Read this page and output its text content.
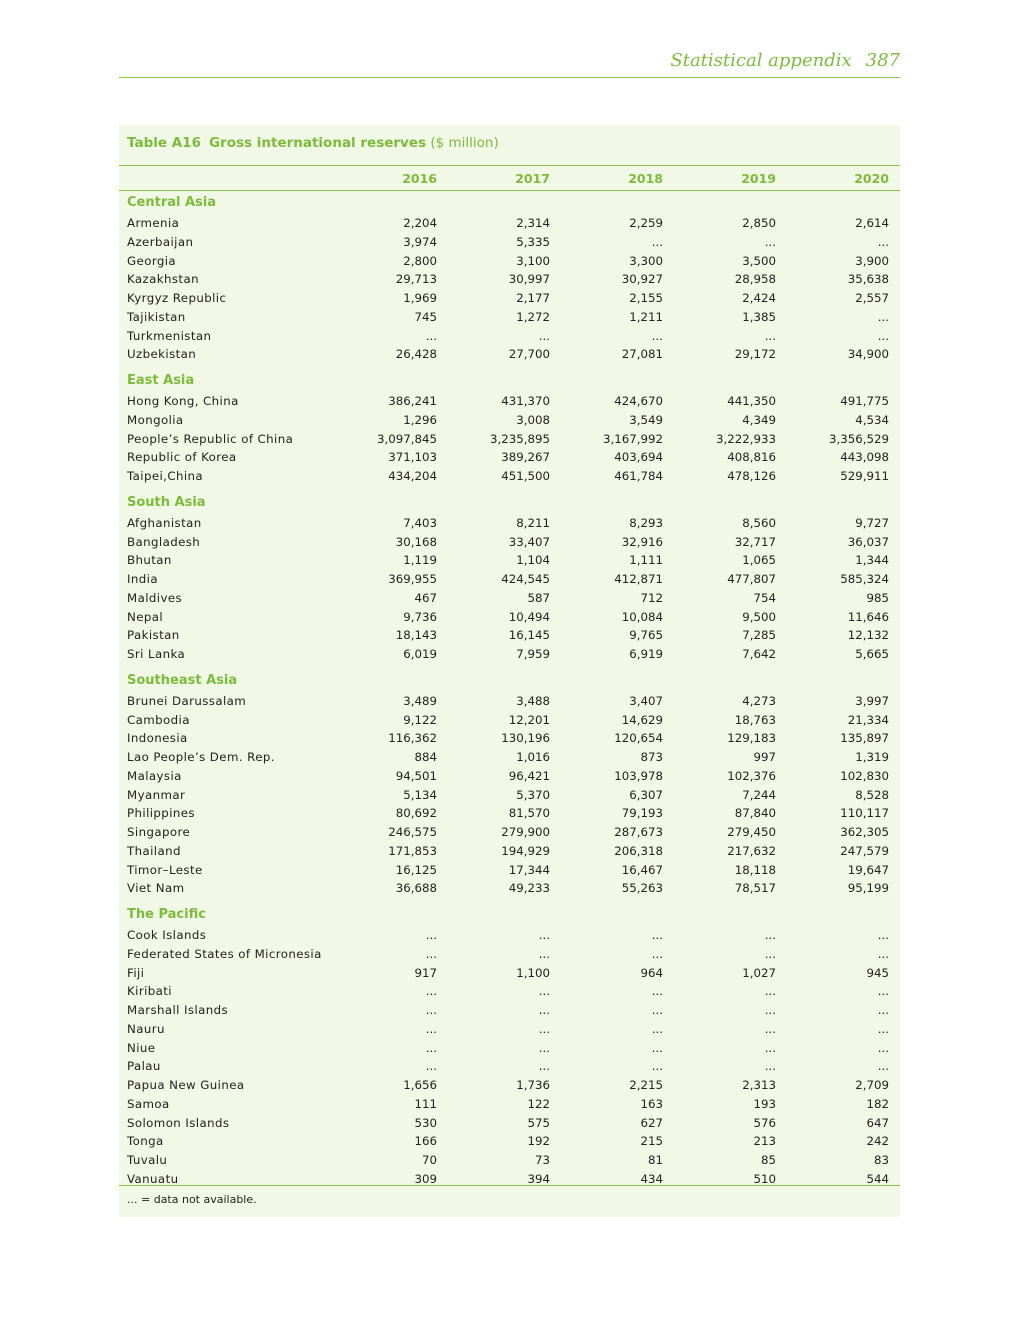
Statistical appendix 387
Table A16 Gross international reserves ($ million)
... = data not available.
2016	2017	2018	2019	2020
Central Asia
Armenia	2,204	2,314	2,259	2,850	2,614
Azerbaijan	3,974	5,335	...	...	...
Georgia	2,800	3,100	3,300	3,500	3,900
Kazakhstan	29,713	30,997	30,927	28,958	35,638
Kyrgyz Republic	1,969	2,177	2,155	2,424	2,557
Tajikistan	745	1,272	1,211	1,385	...
Turkmenistan	...	...	...	...	...
Uzbekistan	26,428	27,700	27,081	29,172	34,900
East Asia
Hong Kong, China	386,241	431,370	424,670	441,350	491,775
Mongolia	1,296	3,008	3,549	4,349	4,534
People’s Republic of China	3,097,845	3,235,895	3,167,992	3,222,933	3,356,529
Republic of Korea	371,103	389,267	403,694	408,816	443,098
Taipei,China	434,204	451,500	461,784	478,126	529,911
South Asia
Afghanistan	7,403	8,211	8,293	8,560	9,727
Bangladesh	30,168	33,407	32,916	32,717	36,037
Bhutan	1,119	1,104	1,111	1,065	1,344
India	369,955	424,545	412,871	477,807	585,324
Maldives	467	587	712	754	985
Nepal	9,736	10,494	10,084	9,500	11,646
Pakistan	18,143	16,145	9,765	7,285	12,132
Sri Lanka	6,019	7,959	6,919	7,642	5,665
Southeast Asia
Brunei Darussalam	3,489	3,488	3,407	4,273	3,997
Cambodia	9,122	12,201	14,629	18,763	21,334
Indonesia	116,362	130,196	120,654	129,183	135,897
Lao People’s Dem. Rep.	884	1,016	873	997	1,319
Malaysia	94,501	96,421	103,978	102,376	102,830
Myanmar	5,134	5,370	6,307	7,244	8,528
Philippines	80,692	81,570	79,193	87,840	110,117
Singapore	246,575	279,900	287,673	279,450	362,305
Thailand	171,853	194,929	206,318	217,632	247,579
Timor–Leste	16,125	17,344	16,467	18,118	19,647
Viet Nam	36,688	49,233	55,263	78,517	95,199
The Pacific
Cook Islands	...	...	...	...	...
Federated States of Micronesia	...	...	...	...	...
Fiji	917	1,100	964	1,027	945
Kiribati	...	...	...	...	...
Marshall Islands	...	...	...	...	...
Nauru	...	...	...	...	...
Niue	...	...	...	...	...
Palau	...	...	...	...	...
Papua New Guinea	1,656	1,736	2,215	2,313	2,709
Samoa	111	122	163	193	182
Solomon Islands	530	575	627	576	647
Tonga	166	192	215	213	242
Tuvalu	70	73	81	85	83
Vanuatu	309	394	434	510	544
